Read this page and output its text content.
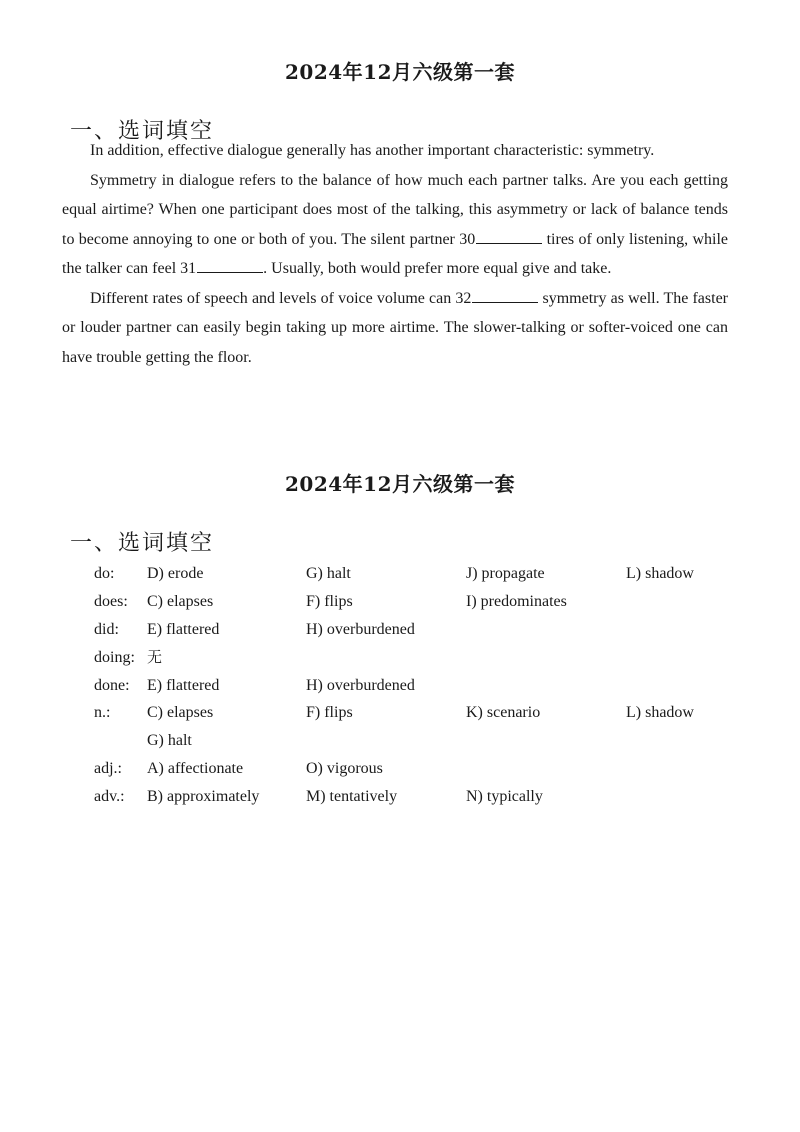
2024年12月六级第一套
一、选词填空

In addition, effective dialogue generally has another important characteristic: symmetry.

Symmetry in dialogue refers to the balance of how much each partner talks. Are you each getting equal airtime? When one participant does most of the talking, this asymmetry or lack of balance tends to become annoying to one or both of you. The silent partner 30	tires of only listening, while the talker can feel 31	. Usually, both would prefer more equal give and take.

Different rates of speech and levels of voice volume can 32	symmetry as well. The faster or louder partner can easily begin taking up more airtime. The slower-talking or softer-voiced one can have trouble getting the floor.

2024年12月六级第一套
一、选词填空
do: D) erode	G) halt	J) propagate	L) shadow
does: C) elapses	F) flips	I) predominates
did: E) flattered	H) overburdened
doing: 无
done: E) flattered	H) overburdened
n.: C) elapses	F) flips	K) scenario	L) shadow
G) halt
adj.: A) affectionate	O) vigorous
adv.: B) approximately	M) tentatively	N) typically
